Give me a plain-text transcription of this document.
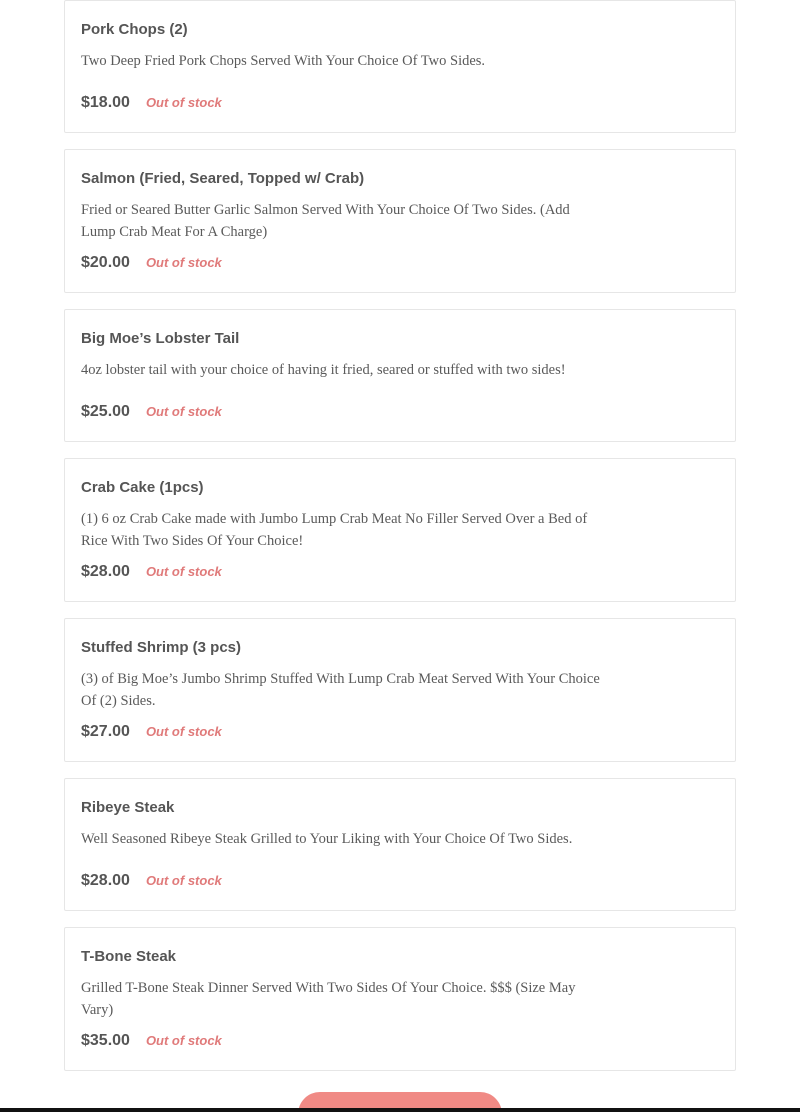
Pork Chops (2)
Two Deep Fried Pork Chops Served With Your Choice Of Two Sides.
$18.00 Out of stock
Salmon (Fried, Seared, Topped w/ Crab)
Fried or Seared Butter Garlic Salmon Served With Your Choice Of Two Sides. (Add Lump Crab Meat For A Charge)
$20.00 Out of stock
Big Moe’s Lobster Tail
4oz lobster tail with your choice of having it fried, seared or stuffed with two sides!
$25.00 Out of stock
Crab Cake (1pcs)
(1) 6 oz Crab Cake made with Jumbo Lump Crab Meat No Filler Served Over a Bed of Rice With Two Sides Of Your Choice!
$28.00 Out of stock
Stuffed Shrimp (3 pcs)
(3) of Big Moe’s Jumbo Shrimp Stuffed With Lump Crab Meat Served With Your Choice Of (2) Sides.
$27.00 Out of stock
Ribeye Steak
Well Seasoned Ribeye Steak Grilled to Your Liking with Your Choice Of Two Sides.
$28.00 Out of stock
T-Bone Steak
Grilled T-Bone Steak Dinner Served With Two Sides Of Your Choice. $$$ (Size May Vary)
$35.00 Out of stock
